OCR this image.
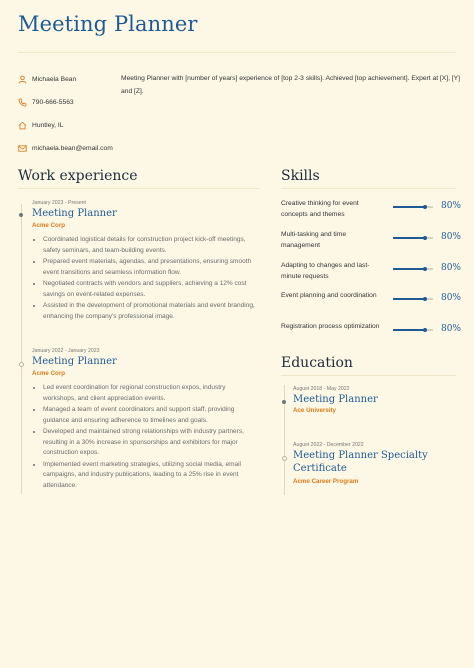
Meeting Planner
Michaela Bean
790-666-5563
Huntley, IL
michaela.bean@email.com

Meeting Planner with [number of years] experience of [top 2-3 skills]. Achieved [top achievement]. Expert at [X], [Y] and [Z].

Work experience

January 2023 - Present

Meeting Planner

Acme Corp

• Coordinated logistical details for construction project kick-off meetings, safety seminars, and team-building events.
• Prepared event materials, agendas, and presentations, ensuring smooth event transitions and seamless information flow.
• Negotiated contracts with vendors and suppliers, achieving a 12% cost savings on event-related expenses.
• Assisted in the development of promotional materials and event branding, enhancing the company's professional image.

January 2022 - January 2023

Meeting Planner

Acme Corp

• Led event coordination for regional construction expos, industry workshops, and client appreciation events.
• Managed a team of event coordinators and support staff, providing guidance and ensuring adherence to timelines and goals.
• Developed and maintained strong relationships with industry partners, resulting in a 30% increase in sponsorships and exhibitors for major construction expos.
• Implemented event marketing strategies, utilizing social media, email campaigns, and industry publications, leading to a 25% rise in event attendance.
Skills
Creative thinking for event concepts and themes
80%
Multi-tasking and time management
80%
Adapting to changes and last-minute requests
80%
Event planning and coordination	80%
Registration process optimization	80%
Education

August 2018 - May 2022

Meeting Planner

Ace University

August 2022 - December 2022

Meeting Planner Specialty Certificate

Acme Career Program
